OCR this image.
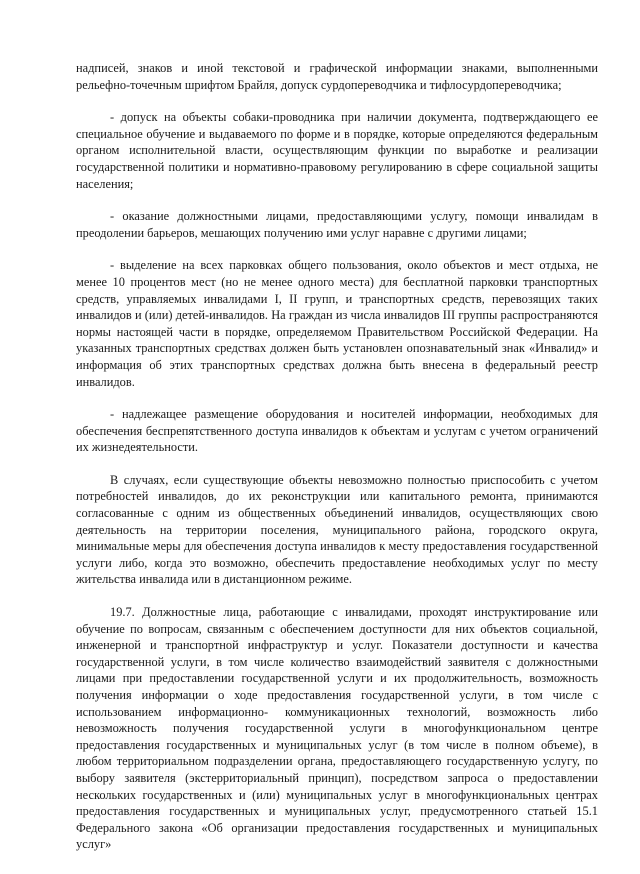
надписей, знаков и иной текстовой и графической информации знаками, выполненными рельефно-точечным шрифтом Брайля, допуск сурдопереводчика и тифлосурдопереводчика;

- допуск на объекты собаки-проводника при наличии документа, подтверждающего ее специальное обучение и выдаваемого по форме и в порядке, которые определяются федеральным органом исполнительной власти, осуществляющим функции по выработке и реализации государственной политики и нормативно-правовому регулированию в сфере социальной защиты населения;

- оказание должностными лицами, предоставляющими услугу, помощи инвалидам в преодолении барьеров, мешающих получению ими услуг наравне с другими лицами;

- выделение на всех парковках общего пользования, около объектов и мест отдыха, не менее 10 процентов мест (но не менее одного места) для бесплатной парковки транспортных средств, управляемых инвалидами I, II групп, и транспортных средств, перевозящих таких инвалидов и (или) детей-инвалидов. На граждан из числа инвалидов III группы распространяются нормы настоящей части в порядке, определяемом Правительством Российской Федерации. На указанных транспортных средствах должен быть установлен опознавательный знак «Инвалид» и информация об этих транспортных средствах должна быть внесена в федеральный реестр инвалидов.

- надлежащее размещение оборудования и носителей информации, необходимых для обеспечения беспрепятственного доступа инвалидов к объектам и услугам с учетом ограничений их жизнедеятельности.

В случаях, если существующие объекты невозможно полностью приспособить с учетом потребностей инвалидов, до их реконструкции или капитального ремонта, принимаются согласованные с одним из общественных объединений инвалидов, осуществляющих свою деятельность на территории поселения, муниципального района, городского округа, минимальные меры для обеспечения доступа инвалидов к месту предоставления государственной услуги либо, когда это возможно, обеспечить предоставление необходимых услуг по месту жительства инвалида или в дистанционном режиме.

19.7. Должностные лица, работающие с инвалидами, проходят инструктирование или обучение по вопросам, связанным с обеспечением доступности для них объектов социальной, инженерной и транспортной инфраструктур и услуг. Показатели доступности и качества государственной услуги, в том числе количество взаимодействий заявителя с должностными лицами при предоставлении государственной услуги и их продолжительность, возможность получения информации о ходе предоставления государственной услуги, в том числе с использованием информационно- коммуникационных технологий, возможность либо невозможность получения государственной услуги в многофункциональном центре предоставления государственных и муниципальных услуг (в том числе в полном объеме), в любом территориальном подразделении органа, предоставляющего государственную услугу, по выбору заявителя (экстерриториальный принцип), посредством запроса о предоставлении нескольких государственных и (или) муниципальных услуг в многофункциональных центрах предоставления государственных и муниципальных услуг, предусмотренного статьей 15.1 Федерального закона «Об организации предоставления государственных и муниципальных услуг»
